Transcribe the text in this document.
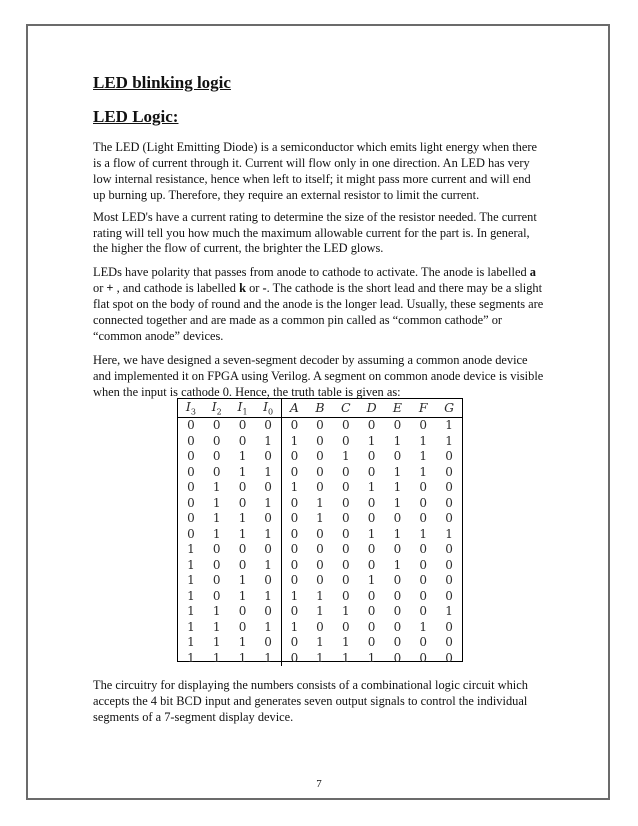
LED blinking logic
LED Logic:

The LED (Light Emitting Diode) is a semiconductor which emits light energy when there is a flow of current through it. Current will flow only in one direction. An LED has very low internal resistance, hence when left to itself; it might pass more current and will end up burning up. Therefore, they require an external resistor to limit the current.

Most LED's have a current rating to determine the size of the resistor needed. The current rating will tell you how much the maximum allowable current for the part is. In general, the higher the flow of current, the brighter the LED glows.

LEDs have polarity that passes from anode to cathode to activate. The anode is labelled a or + , and cathode is labelled k or -. The cathode is the short lead and there may be a slight flat spot on the body of round and the anode is the longer lead. Usually, these segments are connected together and are made as a common pin called as “common cathode” or “common anode” devices.

Here, we have designed a seven-segment decoder by assuming a common anode device and implemented it on FPGA using Verilog. A segment on common anode device is visible when the input is cathode 0. Hence, the truth table is given as:

$I_3$	$I_2$	$I_1$	$I_0$	A	B	C	D	E	F	G
0	0	0	0	0	0	0	0	0	0	1
0	0	0	1	1	0	0	1	1	1	1
0	0	1	0	0	0	1	0	0	1	0
0	0	1	1	0	0	0	0	1	1	0
0	1	0	0	1	0	0	1	1	0	0
0	1	0	1	0	1	0	0	1	0	0
0	1	1	0	0	1	0	0	0	0	0
0	1	1	1	0	0	0	1	1	1	1
1	0	0	0	0	0	0	0	0	0	0
1	0	0	1	0	0	0	0	1	0	0
1	0	1	0	0	0	0	1	0	0	0
1	0	1	1	1	1	0	0	0	0	0
1	1	0	0	0	1	1	0	0	0	1
1	1	0	1	1	0	0	0	0	1	0
1	1	1	0	0	1	1	0	0	0	0
1	1	1	1	0	1	1	1	0	0	0

The circuitry for displaying the numbers consists of a combinational logic circuit which accepts the 4 bit BCD input and generates seven output signals to control the individual segments of a 7-segment display device.

7
